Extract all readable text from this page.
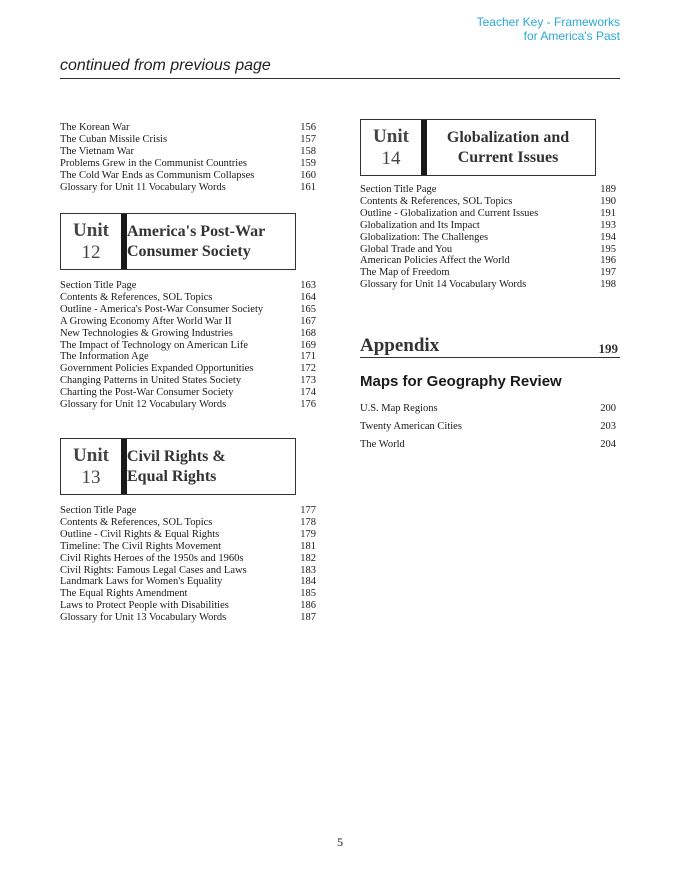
Teacher Key - Frameworks
for America's Past
continued from previous page
The Korean War	156
The Cuban Missile Crisis	157
The Vietnam War	158
Problems Grew in the Communist Countries	159
The Cold War Ends as Communism Collapses	160
Glossary for Unit 11 Vocabulary Words	161
Unit
12
America's Post-War
Consumer Society
Section Title Page	163
Contents & References, SOL Topics	164
Outline - America's Post-War Consumer Society	165
A Growing Economy After World War II	167
New Technologies & Growing Industries	168
The Impact of Technology on American Life	169
The Information Age	171
Government Policies Expanded Opportunities	172
Changing Patterns in United States Society	173
Charting the Post-War Consumer Society	174
Glossary for Unit 12 Vocabulary Words	176
Unit
13
Civil Rights &
Equal Rights
Section Title Page	177
Contents & References, SOL Topics	178
Outline - Civil Rights & Equal Rights	179
Timeline: The Civil Rights Movement	181
Civil Rights Heroes of the 1950s and 1960s	182
Civil Rights: Famous Legal Cases and Laws	183
Landmark Laws for Women's Equality	184
The Equal Rights Amendment	185
Laws to Protect People with Disabilities	186
Glossary for Unit 13 Vocabulary Words	187
Unit
14
Globalization and
Current Issues
Section Title Page	189
Contents & References, SOL Topics	190
Outline - Globalization and Current Issues	191
Globalization and Its Impact	193
Globalization: The Challenges	194
Global Trade and You	195
American Policies Affect the World	196
The Map of Freedom	197
Glossary for Unit 14 Vocabulary Words	198
Appendix	199
Maps for Geography Review
U.S. Map Regions	200
Twenty American Cities	203
The World	204
5
